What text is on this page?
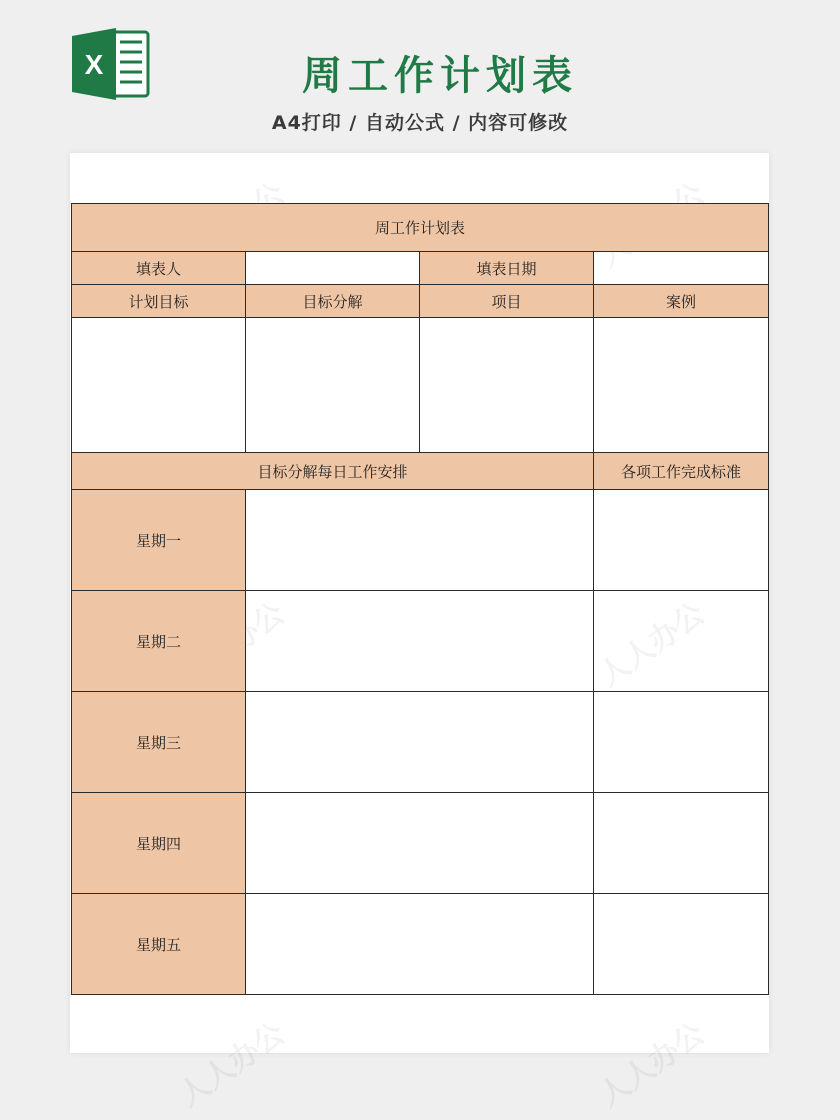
X	周工作计划表
A4打印 / 自动公式 / 内容可修改
人人办公
人人办公	人人办公
周工作计划表			
填表人		填表日期	
计划目标	目标分解	项目	案例

目标分解每日工作安排			各项工作完成标准
星期一			
星期二			
星期三			
星期四			
星期五			
